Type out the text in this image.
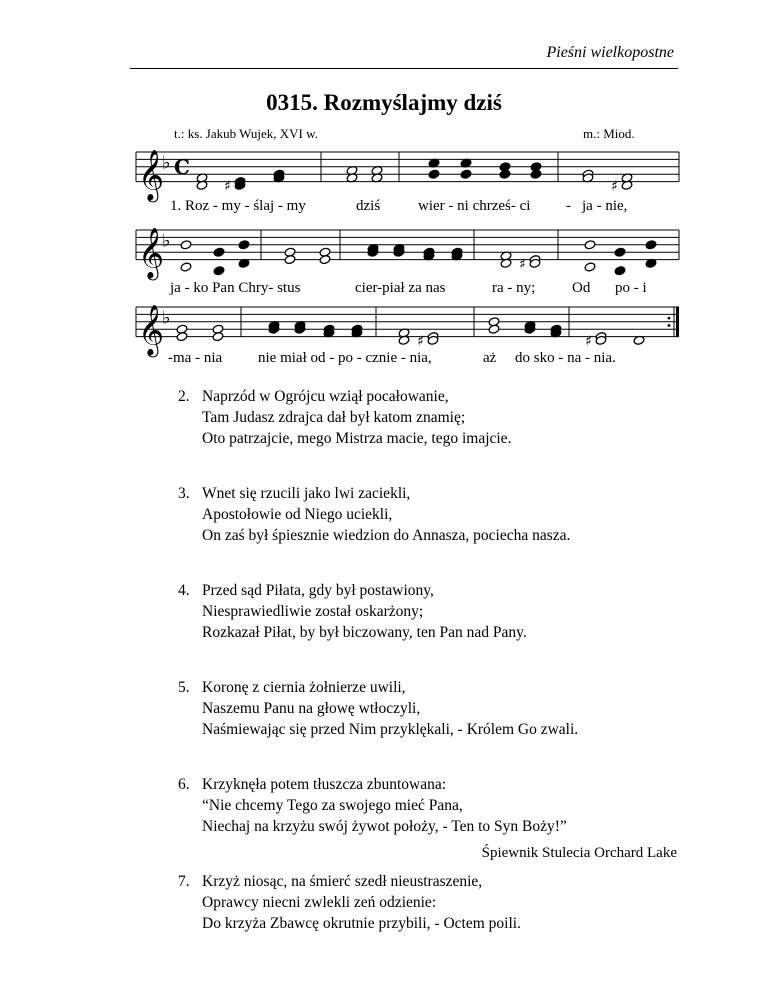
Pieśni wielkopostne
0315. Rozmyślajmy dziś
t.: ks. Jakub Wujek, XVI w.	m.: Miod.
𝄞
♭ C
♯	♯
𝄞
♭
♯
𝄞
♭
♯	♯
1. Roz - my - ślaj - my	dziś	wier - ni chrześ- ci - ja - nie,
ja - ko Pan Chry- stus	cier-piał za nas	ra - ny; Od po - i
-ma - nia nie miał od - po - cznie - nia,	aż do sko - na - nia.
2. Naprzód w Ogrójcu wziął pocałowanie,
Tam Judasz zdrajca dał był katom znamię;
Oto patrzajcie, mego Mistrza macie, tego imajcie.
3. Wnet się rzucili jako lwi zaciekli,
Apostołowie od Niego uciekli,
On zaś był śpiesznie wiedzion do Annasza, pociecha nasza.
4. Przed sąd Piłata, gdy był postawiony,
Niesprawiedliwie został oskarżony;
Rozkazał Piłat, by był biczowany, ten Pan nad Pany.
5. Koronę z ciernia żołnierze uwili,
Naszemu Panu na głowę wtłoczyli,
Naśmiewając się przed Nim przyklękali, - Królem Go zwali.
6. Krzyknęła potem tłuszcza zbuntowana:
“Nie chcemy Tego za swojego mieć Pana,
Niechaj na krzyżu swój żywot położy, - Ten to Syn Boży!”
7. Krzyż niosąc, na śmierć szedł nieustraszenie,
Oprawcy niecni zwlekli zeń odzienie:
Do krzyża Zbawcę okrutnie przybili, - Octem poili.
Śpiewnik Stulecia Orchard Lake
